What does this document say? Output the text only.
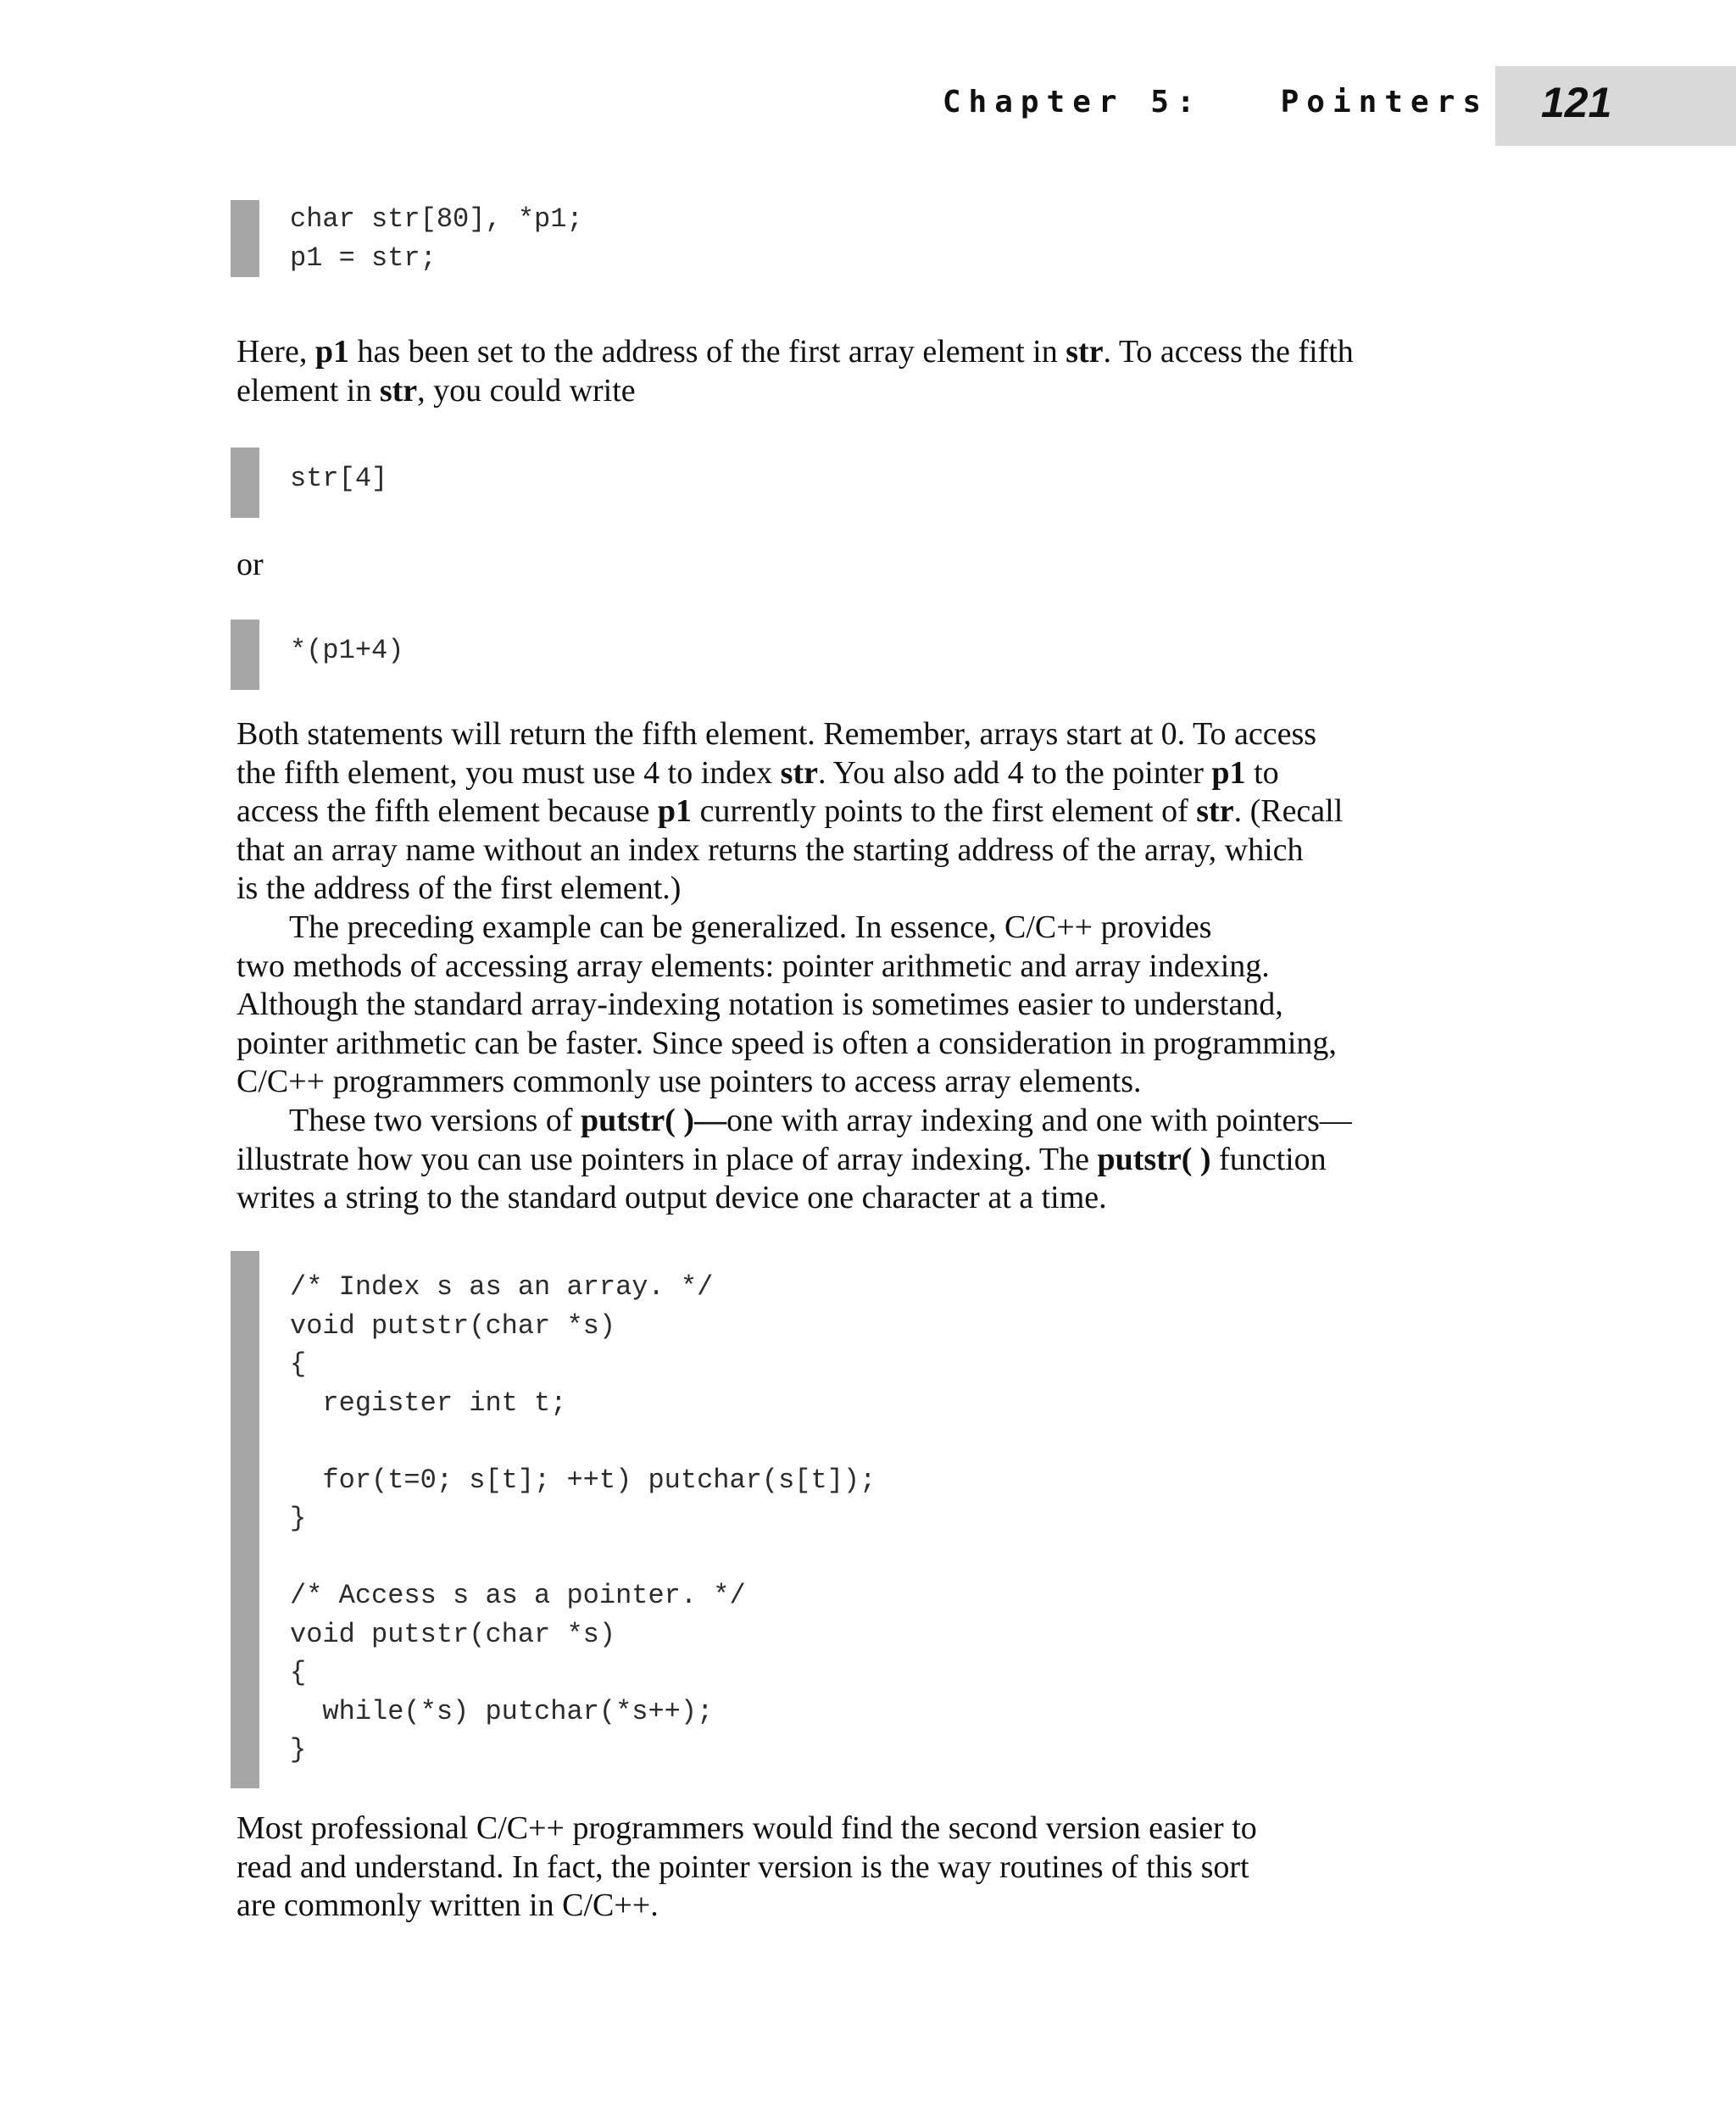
Chapter 5:   Pointers 121
char str[80], *p1;
p1 = str;

Here, p1 has been set to the address of the first array element in str. To access the fifth

element in str, you could write

str[4]

or

*(p1+4)

Both statements will return the fifth element. Remember, arrays start at 0. To access

the fifth element, you must use 4 to index str. You also add 4 to the pointer p1 to

access the fifth element because p1 currently points to the first element of str. (Recall

that an array name without an index returns the starting address of the array, which

is the address of the first element.)

The preceding example can be generalized. In essence, C/C++ provides

two methods of accessing array elements: pointer arithmetic and array indexing.

Although the standard array-indexing notation is sometimes easier to understand,

pointer arithmetic can be faster. Since speed is often a consideration in programming,

C/C++ programmers commonly use pointers to access array elements.

These two versions of putstr( )—one with array indexing and one with pointers—

illustrate how you can use pointers in place of array indexing. The putstr( ) function

writes a string to the standard output device one character at a time.

/* Index s as an array. */
void putstr(char *s)
{
register int t;
for(t=0; s[t]; ++t) putchar(s[t]);
}
/* Access s as a pointer. */
void putstr(char *s)
{
while(*s) putchar(*s++);
}

Most professional C/C++ programmers would find the second version easier to

read and understand. In fact, the pointer version is the way routines of this sort

are commonly written in C/C++.
